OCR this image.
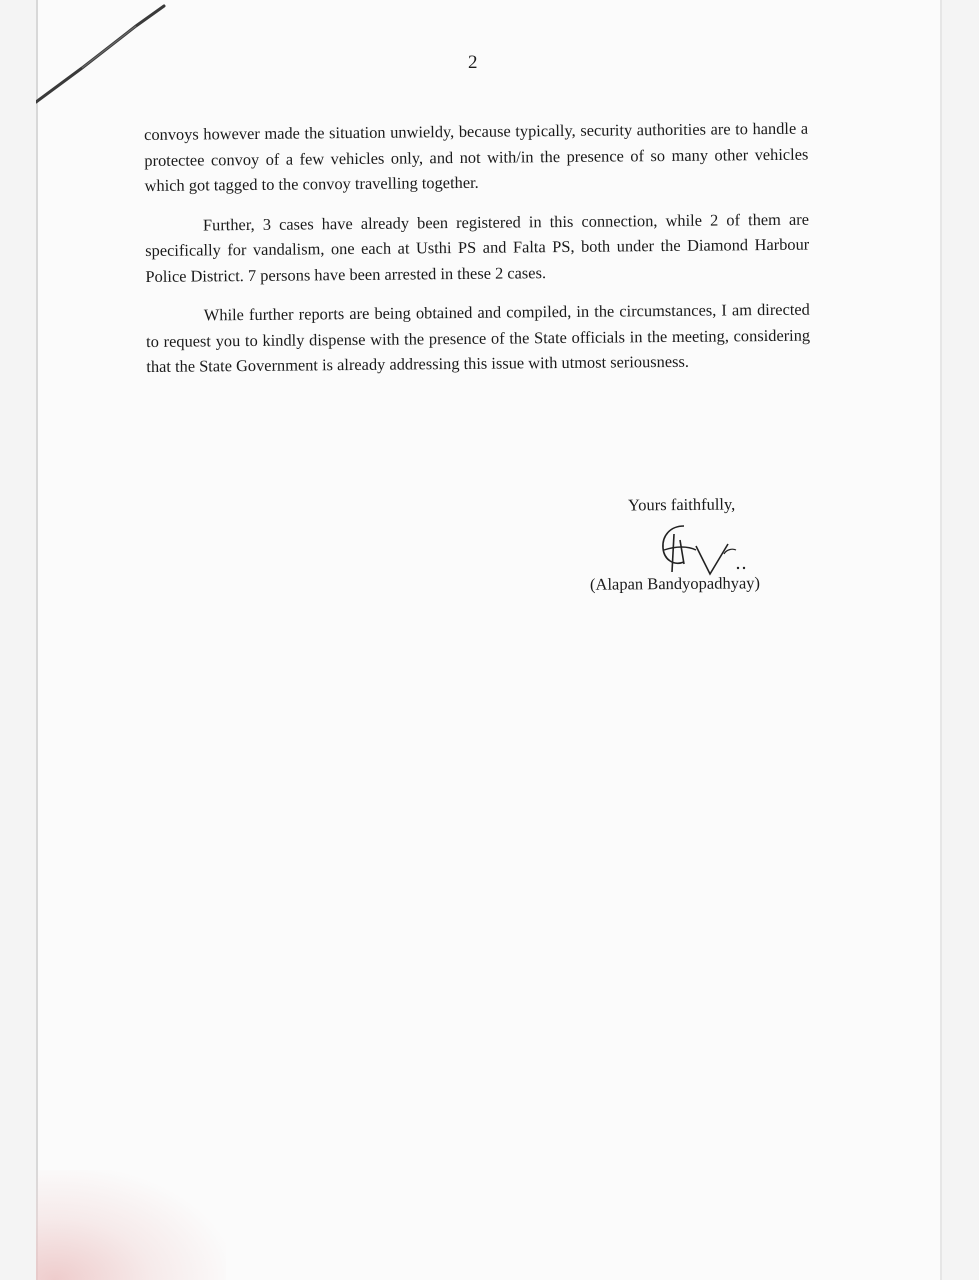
2

convoys however made the situation unwieldy, because typically, security authorities are to handle a protectee convoy of a few vehicles only, and not with/in the presence of so many other vehicles which got tagged to the convoy travelling together.

Further, 3 cases have already been registered in this connection, while 2 of them are specifically for vandalism, one each at Usthi PS and Falta PS, both under the Diamond Harbour Police District. 7 persons have been arrested in these 2 cases.

While further reports are being obtained and compiled, in the circumstances, I am directed to request you to kindly dispense with the presence of the State officials in the meeting, considering that the State Government is already addressing this issue with utmost seriousness.

Yours faithfully,
(Alapan Bandyopadhyay)
